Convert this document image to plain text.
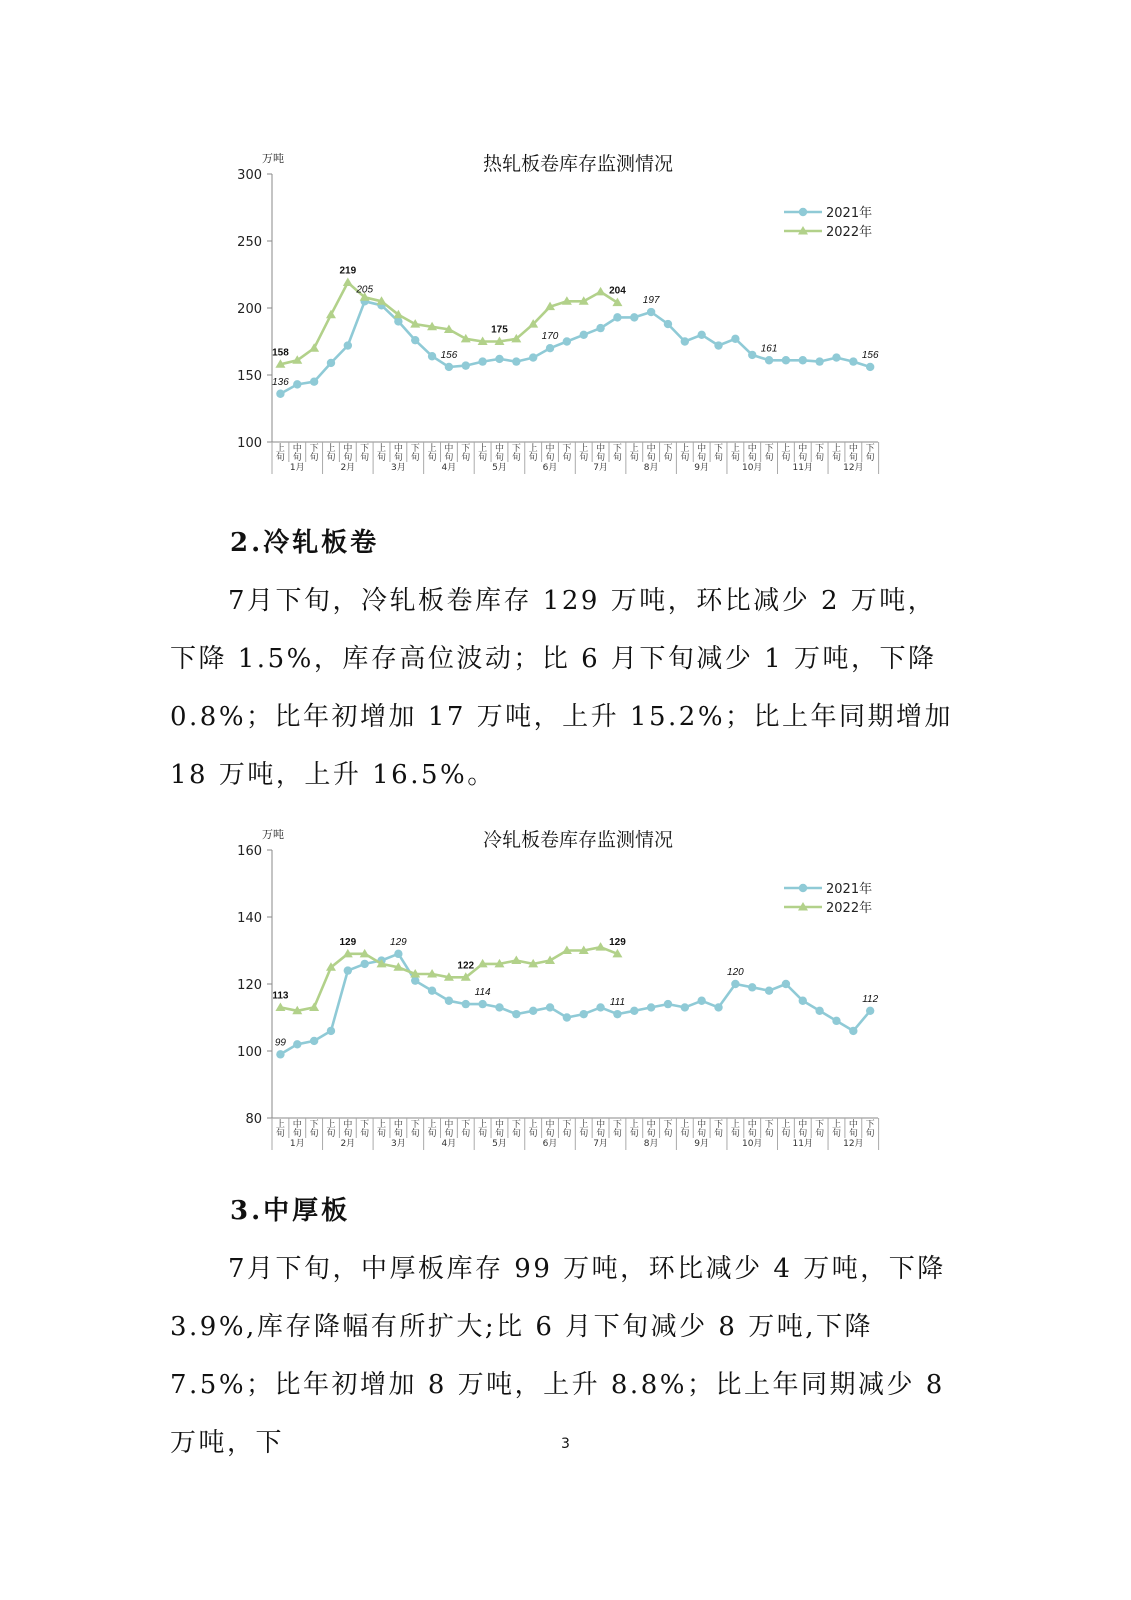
热轧板卷库存监测情况
万吨
100
150
200
250
300
上
旬
中
旬
下
旬
上
旬
中
旬
下
旬
上
旬
中
旬
下
旬
上
旬
中
旬
下
旬
上
旬
中
旬
下
旬
上
旬
中
旬
下
旬
上
旬
中
旬
下
旬
上
旬
中
旬
下
旬
上
旬
中
旬
下
旬
上
旬
中
旬
下
旬
上
旬
中
旬
下
旬
上
旬
中
旬
下
旬
1月	2月	3月	4月	5月	6月	7月	8月	9月	10月	11月	12月
136
205
156
170
197
161
156
158
219
175
204
2021年
2022年
2.冷轧板卷

7月下旬，冷轧板卷库存 129 万吨，环比减少 2 万吨，下降 1.5%，库存高位波动；比 6 月下旬减少 1 万吨，下降 0.8%；比年初增加 17 万吨，上升 15.2%；比上年同期增加 18 万吨，上升 16.5%。

冷轧板卷库存监测情况
万吨
80
100
120
140
160
上
旬
中
旬
下
旬
上
旬
中
旬
下
旬
上
旬
中
旬
下
旬
上
旬
中
旬
下
旬
上
旬
中
旬
下
旬
上
旬
中
旬
下
旬
上
旬
中
旬
下
旬
上
旬
中
旬
下
旬
上
旬
中
旬
下
旬
上
旬
中
旬
下
旬
上
旬
中
旬
下
旬
上
旬
中
旬
下
旬
1月	2月	3月	4月	5月	6月	7月	8月	9月	10月	11月	12月
99
129
114
111
120
112
113
129
122
129
2021年
2022年
3.中厚板

7月下旬，中厚板库存 99 万吨，环比减少 4 万吨，下降 3.9%,库存降幅有所扩大;比 6 月下旬减少 8 万吨,下降 7.5%；比年初增加 8 万吨，上升 8.8%；比上年同期减少 8 万吨，下	3
